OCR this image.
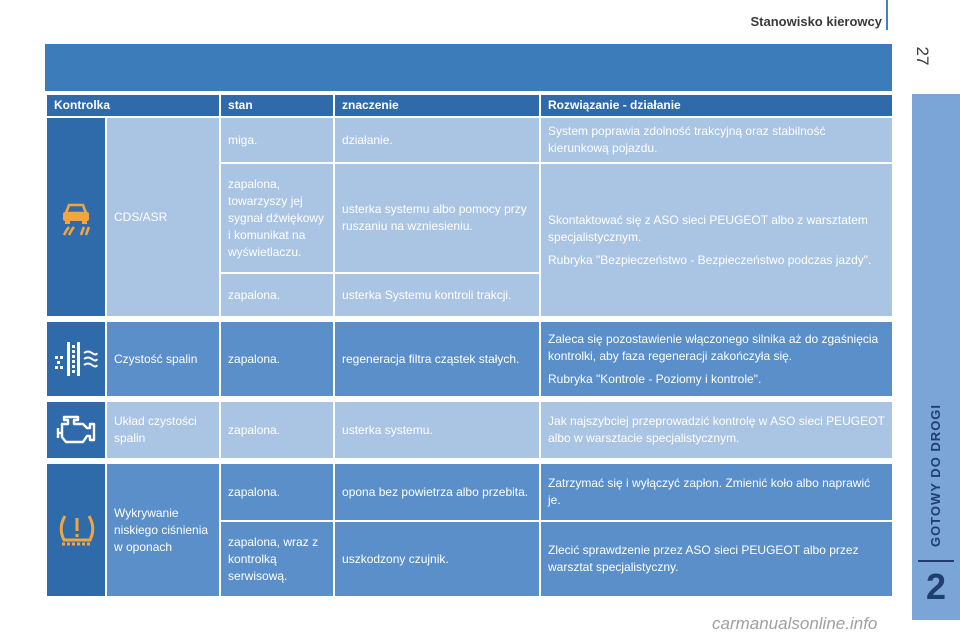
Stanowisko kierowcy
27
GOTOWY DO DROGI
2
Kontrolka		stan	znaczenie	Rozwiązanie - działanie

	CDS/ASR	miga.	działanie.	System poprawia zdolność trakcyjną oraz stabilność kierunkową pojazdu.
		zapalona, towarzyszy jej sygnał dźwiękowy i komunikat na wyświetlaczu.	usterka systemu albo pomocy przy ruszaniu na wzniesieniu.	Skontaktować się z ASO sieci PEUGEOT albo z warsztatem specjalistycznym.
Rubryka "Bezpieczeństwo - Bezpieczeństwo podczas jazdy".

		zapalona.	usterka Systemu kontroli trakcji.	

	Czystość spalin	zapalona.	regeneracja filtra cząstek stałych.	Zaleca się pozostawienie włączonego silnika aż do zgaśnięcia kontrolki, aby faza regeneracji zakończyła się.
Rubryka "Kontrole - Poziomy i kontrole".

	Układ czystości spalin	zapalona.	usterka systemu.	Jak najszybciej przeprowadzić kontrolę w ASO sieci PEUGEOT albo w warsztacie specjalistycznym.

	Wykrywanie niskiego ciśnienia w oponach	zapalona.	opona bez powietrza albo przebita.	Zatrzymać się i wyłączyć zapłon. Zmienić koło albo naprawić je.
		zapalona, wraz z kontrolką serwisową.	uszkodzony czujnik.	Zlecić sprawdzenie przez ASO sieci PEUGEOT albo przez warsztat specjalistyczny.
carmanualsonline.info
